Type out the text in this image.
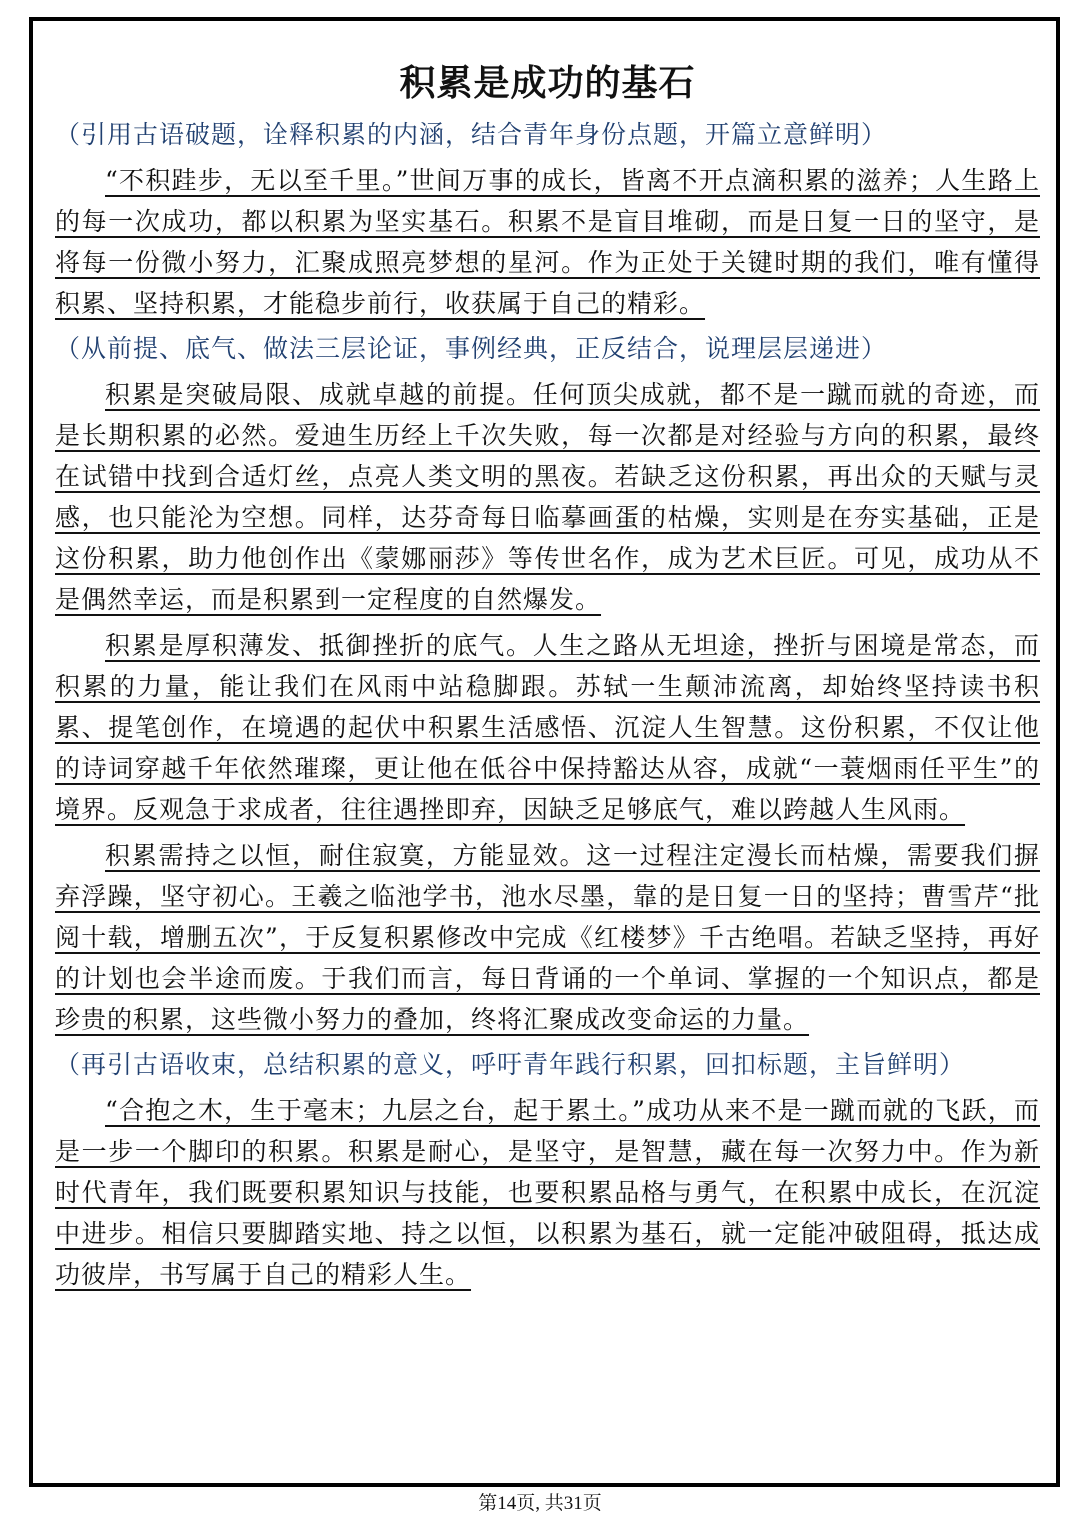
积累是成功的基石

（引用古语破题，诠释积累的内涵，结合青年身份点题，开篇立意鲜明）

“不积跬步，无以至千里。”世间万事的成长，皆离不开点滴积累的滋养；人生路上的每一次成功，都以积累为坚实基石。积累不是盲目堆砌，而是日复一日的坚守，是将每一份微小努力，汇聚成照亮梦想的星河。作为正处于关键时期的我们，唯有懂得积累、坚持积累，才能稳步前行，收获属于自己的精彩。

（从前提、底气、做法三层论证，事例经典，正反结合，说理层层递进）

积累是突破局限、成就卓越的前提。任何顶尖成就，都不是一蹴而就的奇迹，而是长期积累的必然。爱迪生历经上千次失败，每一次都是对经验与方向的积累，最终在试错中找到合适灯丝，点亮人类文明的黑夜。若缺乏这份积累，再出众的天赋与灵感，也只能沦为空想。同样，达芬奇每日临摹画蛋的枯燥，实则是在夯实基础，正是这份积累，助力他创作出《蒙娜丽莎》等传世名作，成为艺术巨匠。可见，成功从不是偶然幸运，而是积累到一定程度的自然爆发。

积累是厚积薄发、抵御挫折的底气。人生之路从无坦途，挫折与困境是常态，而积累的力量，能让我们在风雨中站稳脚跟。苏轼一生颠沛流离，却始终坚持读书积累、提笔创作，在境遇的起伏中积累生活感悟、沉淀人生智慧。这份积累，不仅让他的诗词穿越千年依然璀璨，更让他在低谷中保持豁达从容，成就“一蓑烟雨任平生”的境界。反观急于求成者，往往遇挫即弃，因缺乏足够底气，难以跨越人生风雨。

积累需持之以恒，耐住寂寞，方能显效。这一过程注定漫长而枯燥，需要我们摒弃浮躁，坚守初心。王羲之临池学书，池水尽墨，靠的是日复一日的坚持；曹雪芹“批阅十载，增删五次”，于反复积累修改中完成《红楼梦》千古绝唱。若缺乏坚持，再好的计划也会半途而废。于我们而言，每日背诵的一个单词、掌握的一个知识点，都是珍贵的积累，这些微小努力的叠加，终将汇聚成改变命运的力量。

（再引古语收束，总结积累的意义，呼吁青年践行积累，回扣标题，主旨鲜明）

“合抱之木，生于毫末；九层之台，起于累土。”成功从来不是一蹴而就的飞跃，而是一步一个脚印的积累。积累是耐心，是坚守，是智慧，藏在每一次努力中。作为新时代青年，我们既要积累知识与技能，也要积累品格与勇气，在积累中成长，在沉淀中进步。相信只要脚踏实地、持之以恒，以积累为基石，就一定能冲破阻碍，抵达成功彼岸，书写属于自己的精彩人生。

第14页, 共31页
